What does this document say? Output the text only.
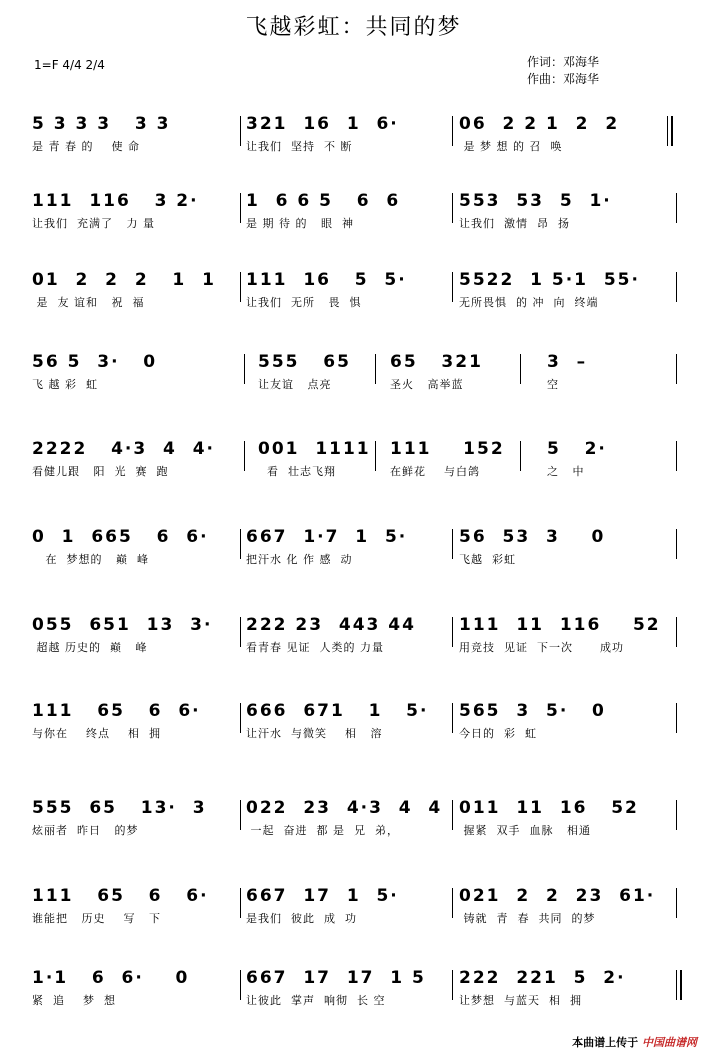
飞越彩虹：共同的梦
1=F 4/4 2/4	作词：邓海华
作曲：邓海华
5 3 3 3   3 3
是 青 春 的    使 命
321  16  1  6·
让我们  坚持  不 断
06  2 2 1  2  2
是 梦 想 的 召  唤
111  116   3 2·
让我们  充满了   力 量
1  6 6 5   6  6
是 期 待 的   眼  神
553  53  5  1·
让我们  激情  昂  扬
01  2  2  2   1  1
是  友 谊和   祝  福
111  16   5  5·
让我们  无所   畏  惧
5522  1 5·1  55·
无所畏惧  的 冲  向  终端
56 5  3·   0
飞 越 彩  虹
555   65
让友谊   点亮
65   321
圣火   高举蓝
3  –
空
2222   4·3  4  4·
看健儿跟   阳  光  赛  跑
001  1111
看  壮志飞翔
111    152
在鲜花    与白鸽
5   2·
之   中
0  1  665   6  6·
在  梦想的   巅  峰
667  1·7  1  5·
把汗水 化 作 感  动
56  53  3    0
飞越  彩虹
055  651  13  3·
超越 历史的  巅   峰
222 23  443 44
看青春 见证  人类的 力量
111  11  116    52
用竞技  见证  下一次      成功
111   65   6  6·
与你在    终点    相  拥
666  671   1   5·
让汗水  与微笑    相   溶
565  3  5·   0
今日的  彩  虹
555  65   13·  3
炫丽者  昨日   的梦
022  23  4·3  4  4
一起  奋进  都 是  兄  弟，
011  11  16   52
握紧  双手  血脉   相通
111   65   6   6·
谁能把   历史    写   下
667  17  1  5·
是我们  彼此  成  功
021  2  2  23  61·
铸就  青  春  共同  的梦
1·1   6  6·    0
紧  追    梦  想
667  17  17  1 5
让彼此  掌声  响彻  长 空
222  221  5  2·
让梦想  与蓝天  相  拥
本曲谱上传于 中国曲谱网
